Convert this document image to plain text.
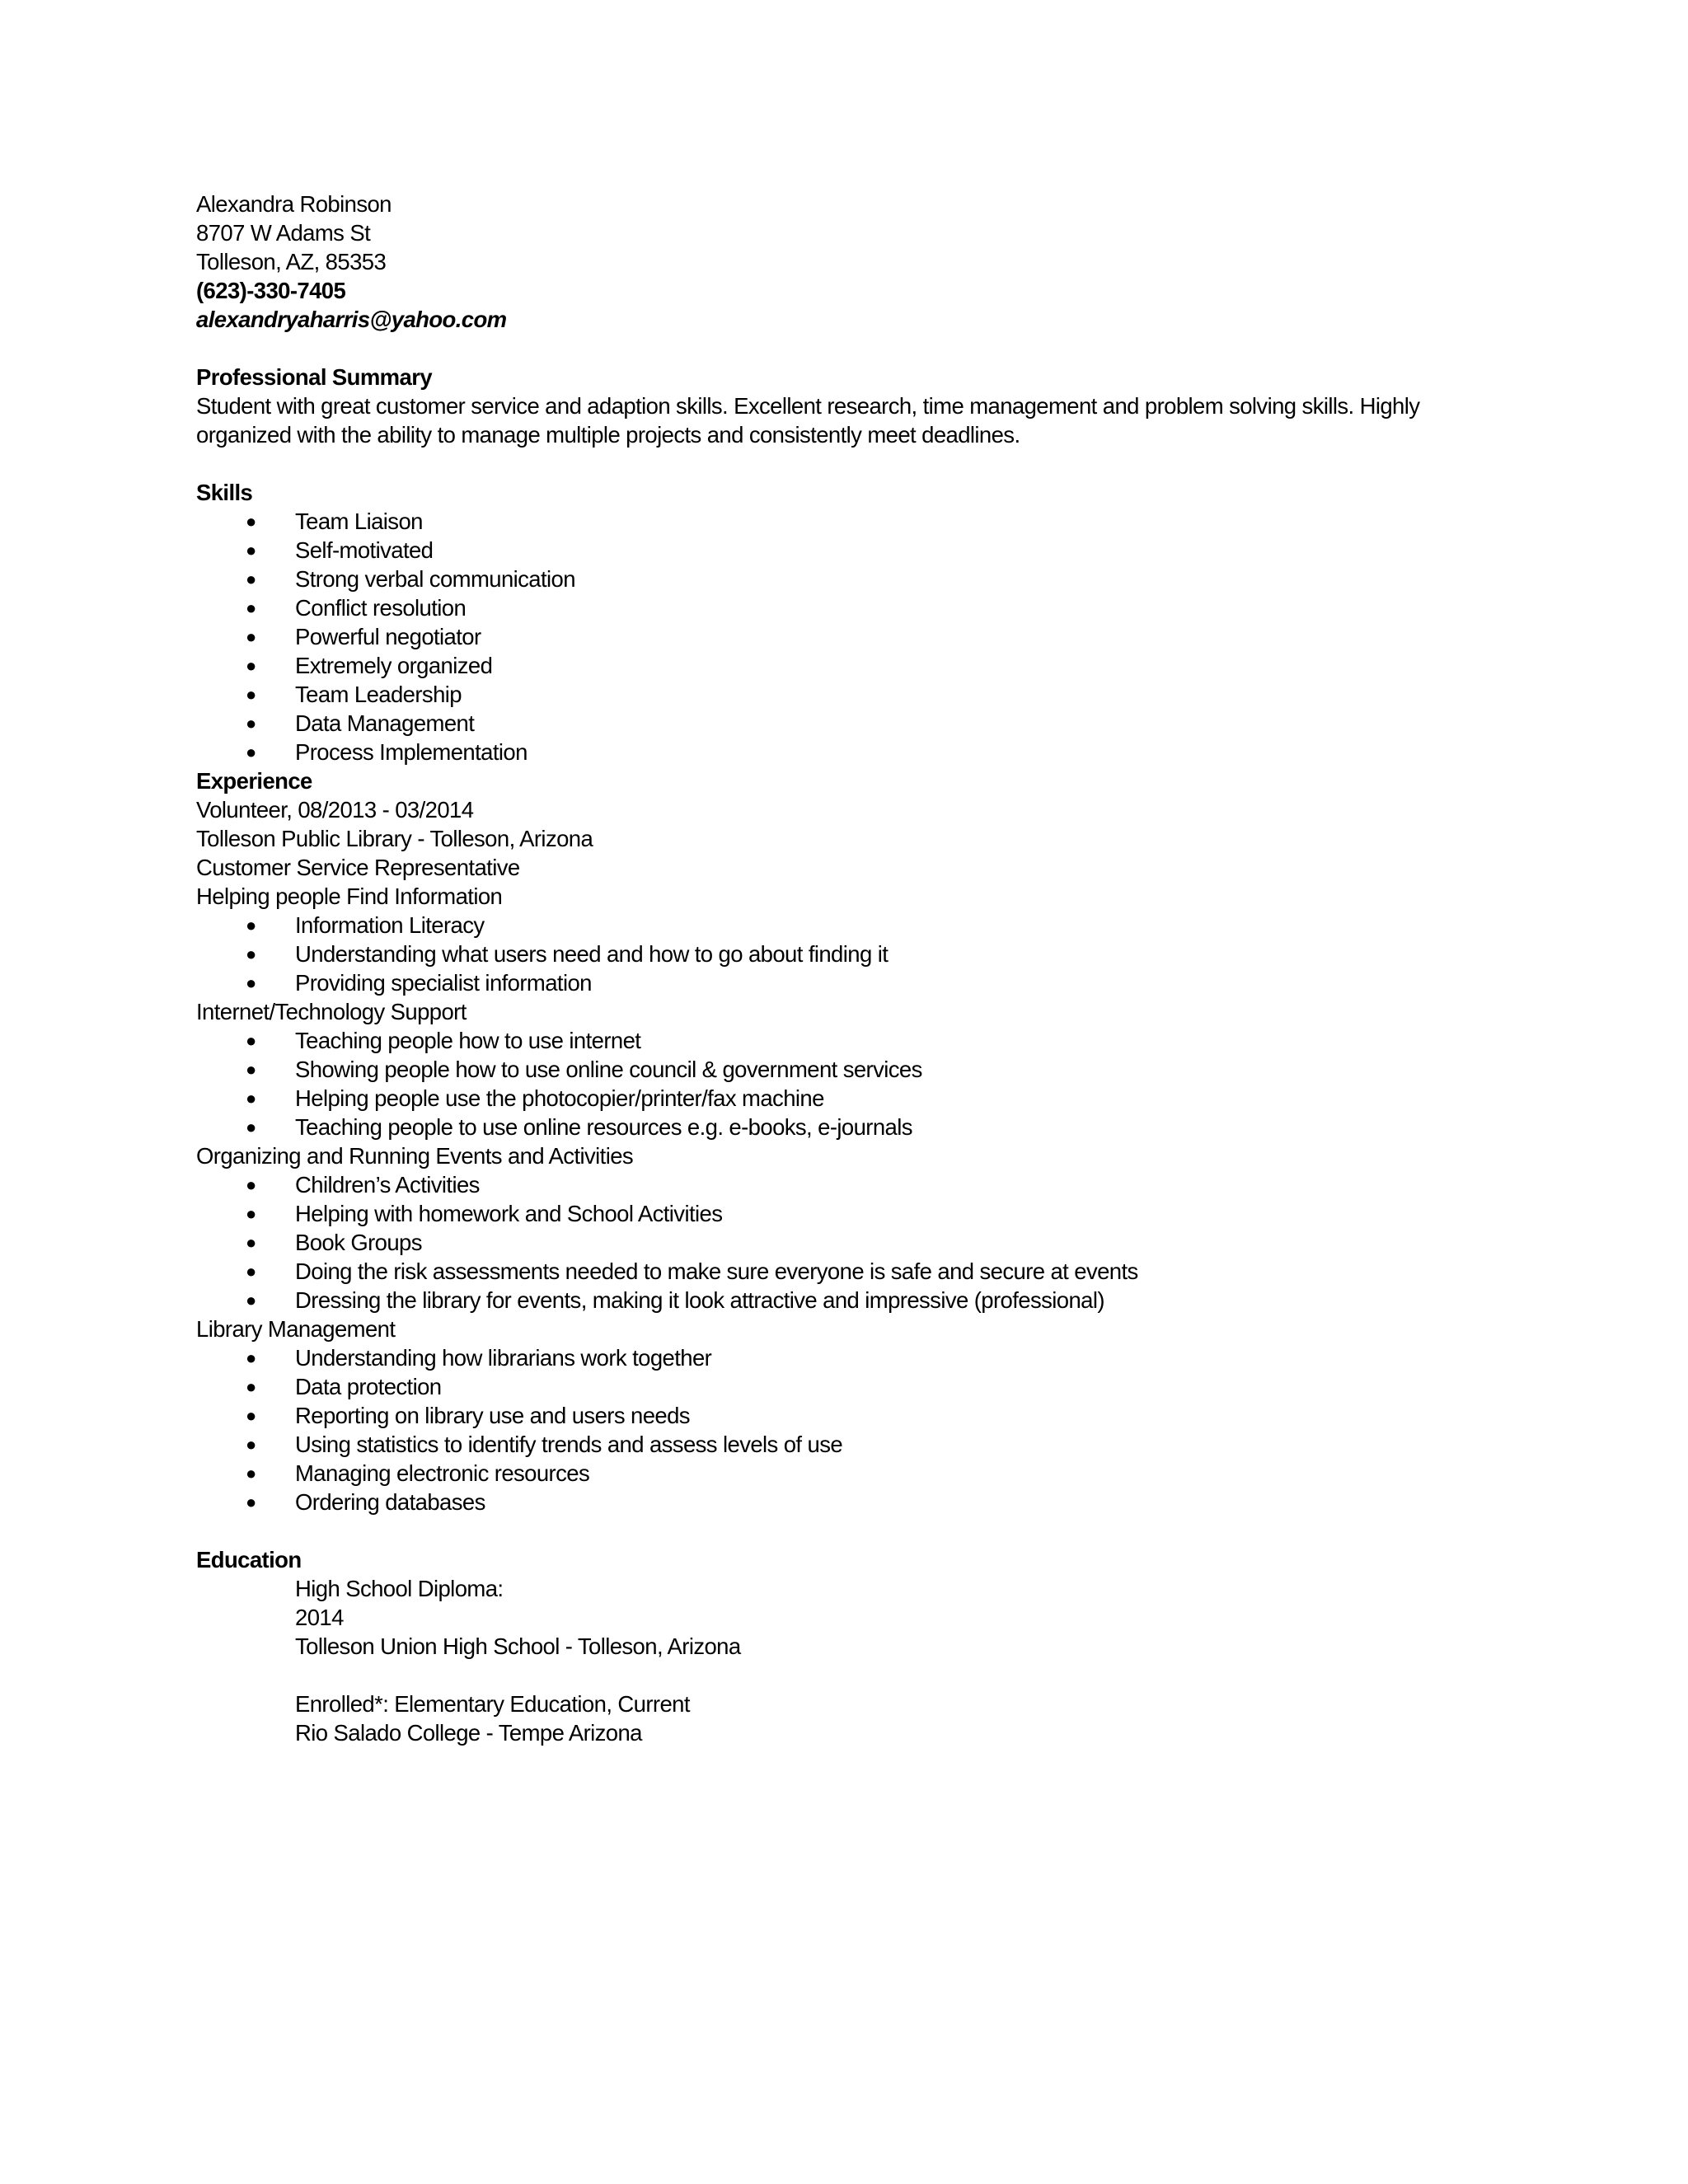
Alexandra Robinson
8707 W Adams St
Tolleson, AZ, 85353
(623)-330-7405
alexandryaharris@yahoo.com
Professional Summary
Student with great customer service and adaption skills. Excellent research, time management and problem solving skills. Highly organized with the ability to manage multiple projects and consistently meet deadlines.
Skills
● Team Liaison
● Self-motivated
● Strong verbal communication
● Conflict resolution
● Powerful negotiator
● Extremely organized
● Team Leadership
● Data Management
● Process Implementation
Experience
Volunteer, 08/2013 - 03/2014
Tolleson Public Library - Tolleson, Arizona
Customer Service Representative
Helping people Find Information
● Information Literacy
● Understanding what users need and how to go about finding it
● Providing specialist information
Internet/Technology Support
● Teaching people how to use internet
● Showing people how to use online council & government services
● Helping people use the photocopier/printer/fax machine
● Teaching people to use online resources e.g. e-books, e-journals
Organizing and Running Events and Activities
● Children’s Activities
● Helping with homework and School Activities
● Book Groups
● Doing the risk assessments needed to make sure everyone is safe and secure at events
● Dressing the library for events, making it look attractive and impressive (professional)
Library Management
● Understanding how librarians work together
● Data protection
● Reporting on library use and users needs
● Using statistics to identify trends and assess levels of use
● Managing electronic resources
● Ordering databases
Education
High School Diploma:
2014
Tolleson Union High School - Tolleson, Arizona
Enrolled*: Elementary Education, Current
Rio Salado College - Tempe Arizona
